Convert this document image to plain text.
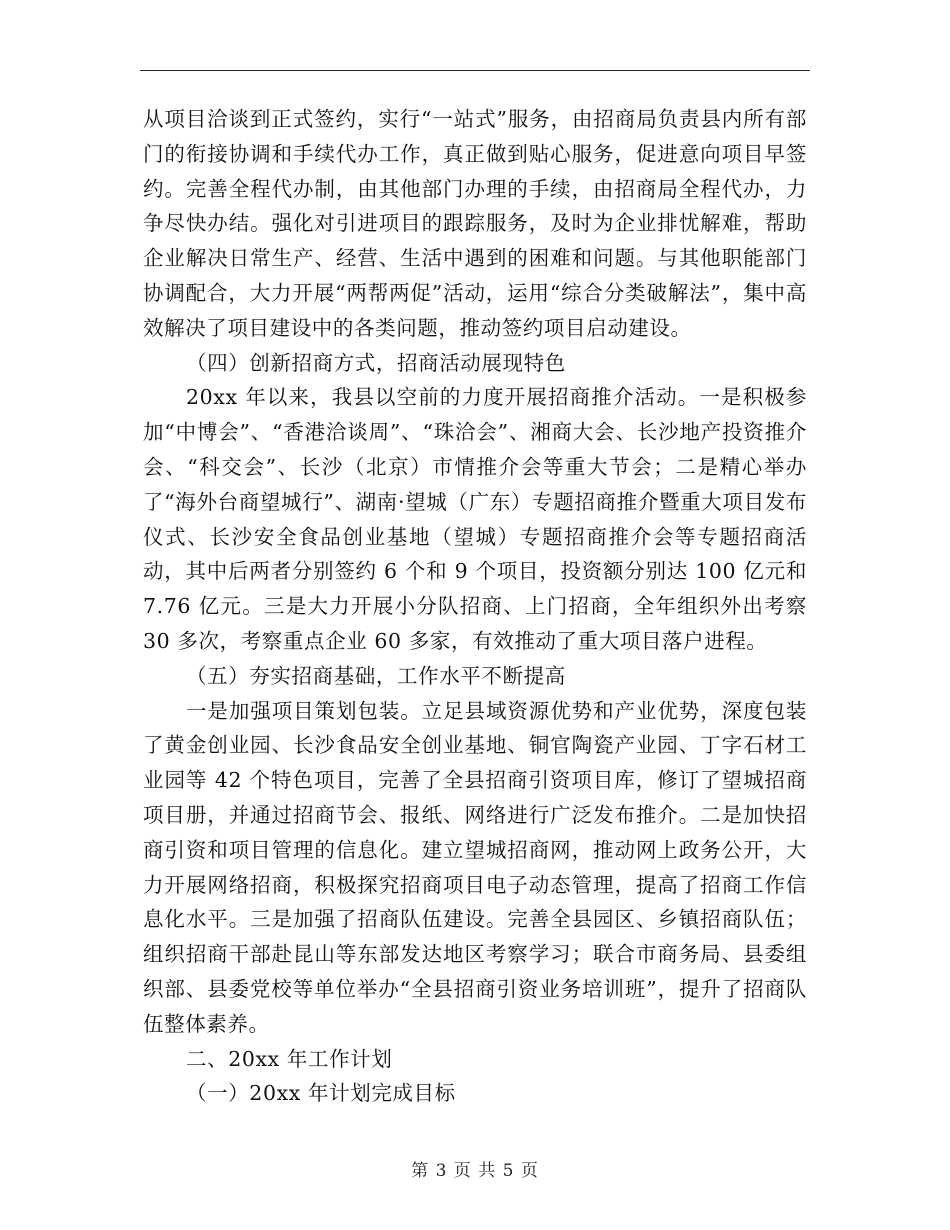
从项目洽谈到正式签约，实行“一站式”服务，由招商局负责县内所有部门的衔接协调和手续代办工作，真正做到贴心服务，促进意向项目早签约。完善全程代办制，由其他部门办理的手续，由招商局全程代办，力争尽快办结。强化对引进项目的跟踪服务，及时为企业排忧解难，帮助企业解决日常生产、经营、生活中遇到的困难和问题。与其他职能部门协调配合，大力开展“两帮两促”活动，运用“综合分类破解法”，集中高效解决了项目建设中的各类问题，推动签约项目启动建设。

（四）创新招商方式，招商活动展现特色

20xx 年以来，我县以空前的力度开展招商推介活动。一是积极参加“中博会”、“香港洽谈周”、“珠洽会”、湘商大会、长沙地产投资推介会、“科交会”、长沙（北京）市情推介会等重大节会；二是精心举办了“海外台商望城行”、湖南·望城（广东）专题招商推介暨重大项目发布仪式、长沙安全食品创业基地（望城）专题招商推介会等专题招商活动，其中后两者分别签约 6 个和 9 个项目，投资额分别达 100 亿元和 7.76 亿元。三是大力开展小分队招商、上门招商，全年组织外出考察 30 多次，考察重点企业 60 多家，有效推动了重大项目落户进程。

（五）夯实招商基础，工作水平不断提高

一是加强项目策划包装。立足县域资源优势和产业优势，深度包装了黄金创业园、长沙食品安全创业基地、铜官陶瓷产业园、丁字石材工业园等 42 个特色项目，完善了全县招商引资项目库，修订了望城招商项目册，并通过招商节会、报纸、网络进行广泛发布推介。二是加快招商引资和项目管理的信息化。建立望城招商网，推动网上政务公开，大力开展网络招商，积极探究招商项目电子动态管理，提高了招商工作信息化水平。三是加强了招商队伍建设。完善全县园区、乡镇招商队伍；组织招商干部赴昆山等东部发达地区考察学习；联合市商务局、县委组织部、县委党校等单位举办“全县招商引资业务培训班”，提升了招商队伍整体素养。

二、20xx 年工作计划

（一）20xx 年计划完成目标

第 3 页 共 5 页
